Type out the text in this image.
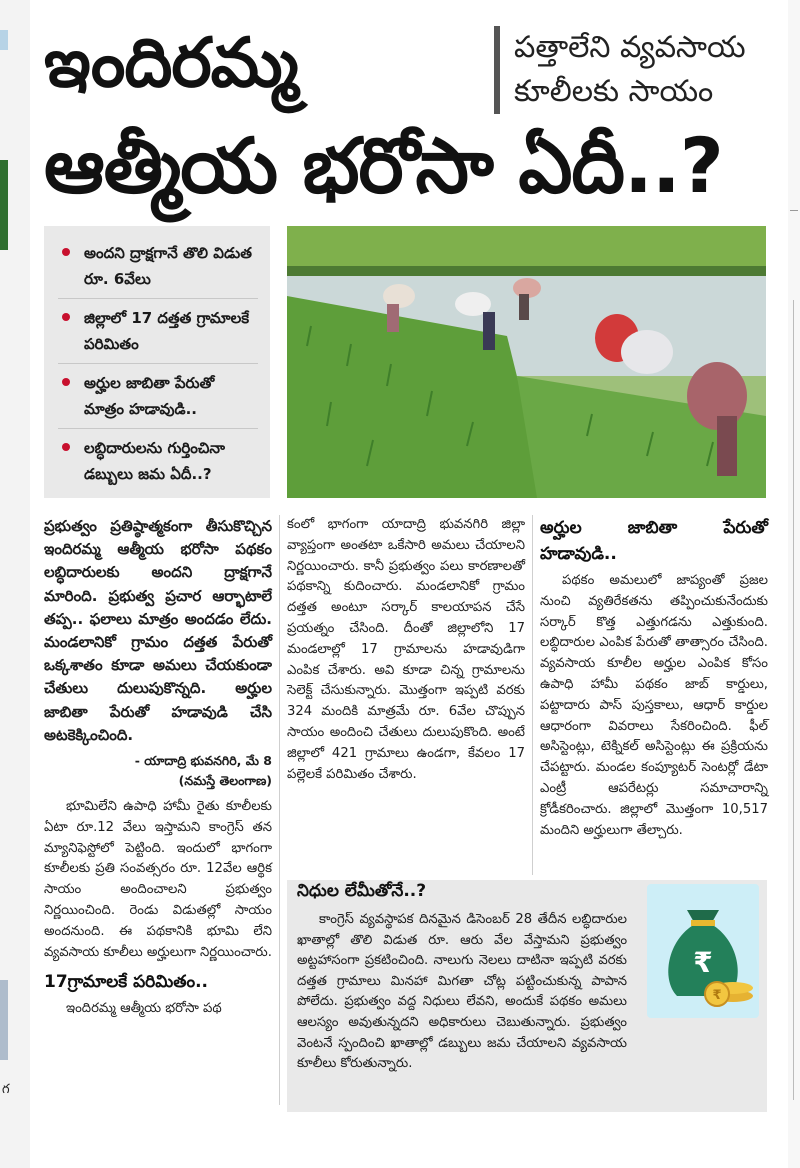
గ
ఇందిరమ్మ	పత్తాలేని వ్యవసాయ
కూలీలకు సాయం
ఆత్మీయ భరోసా ఏదీ..?
అందని ద్రాక్షగానే తొలి విడుత రూ. 6వేలు
జిల్లాలో 17 దత్తత గ్రామాలకే పరిమితం
అర్హుల జాబితా పేరుతో మాత్రం హడావుడి..
లబ్ధిదారులను గుర్తించినా డబ్బులు జమ ఏదీ..?

ప్రభుత్వం ప్రతిష్ఠాత్మకంగా తీసుకొచ్చిన ఇందిరమ్మ ఆత్మీయ భరోసా పథకం లబ్ధిదారులకు అందని ద్రాక్షగానే మారింది. ప్రభుత్వ ప్రచార ఆర్భాటాలే తప్ప.. ఫలాలు మాత్రం అందడం లేదు. మండలానికో గ్రామం దత్తత పేరుతో ఒక్కశాతం కూడా అమలు చేయకుండా చేతులు దులుపుకొన్నది. అర్హుల జాబితా పేరుతో హడావుడి చేసి అటకెక్కించింది.

- యాదాద్రి భువనగిరి, మే 8
(నమస్తే తెలంగాణ)

భూమిలేని ఉపాధి హామీ రైతు కూలీలకు ఏటా రూ.12 వేలు ఇస్తామని కాంగ్రెస్ తన మ్యానిఫెస్టోలో పెట్టింది. ఇందులో భాగంగా కూలీలకు ప్రతి సంవత్సరం రూ. 12వేల ఆర్థిక సాయం అందించాలని ప్రభుత్వం నిర్ణయించింది. రెండు విడుతల్లో సాయం అందనుంది. ఈ పథకానికి భూమి లేని వ్యవసాయ కూలీలు అర్హులుగా నిర్ణయించారు.

17గ్రామాలకే పరిమితం..

ఇందిరమ్మ ఆత్మీయ భరోసా పథ

కంలో భాగంగా యాదాద్రి భువనగిరి జిల్లా వ్యాప్తంగా అంతటా ఒకేసారి అమలు చేయాలని నిర్ణయించారు. కానీ ప్రభుత్వం పలు కారణాలతో పథకాన్ని కుదించారు. మండలానికో గ్రామం దత్తత అంటూ సర్కార్ కాలయాపన చేసే ప్రయత్నం చేసింది. దీంతో జిల్లాలోని 17 మండలాల్లో 17 గ్రామాలను హడావుడిగా ఎంపిక చేశారు. అవి కూడా చిన్న గ్రామాలను సెలెక్ట్ చేసుకున్నారు. మొత్తంగా ఇప్పటి వరకు 324 మందికి మాత్రమే రూ. 6వేల చొప్పున సాయం అందించి చేతులు దులుపుకొంది. అంటే జిల్లాలో 421 గ్రామాలు ఉండగా, కేవలం 17 పల్లెలకే పరిమితం చేశారు.

అర్హుల జాబితా పేరుతో హడావుడి..

పథకం అమలులో జాప్యంతో ప్రజల నుంచి వ్యతిరేకతను తప్పించుకునేందుకు సర్కార్ కొత్త ఎత్తుగడను ఎత్తుకుంది. లబ్ధిదారుల ఎంపిక పేరుతో తాత్సారం చేసింది. వ్యవసాయ కూలీల అర్హుల ఎంపిక కోసం ఉపాధి హామీ పథకం జాబ్ కార్డులు, పట్టాదారు పాస్ పుస్తకాలు, ఆధార్ కార్డుల ఆధారంగా వివరాలు సేకరించింది. ఫీల్ అసిస్టెంట్లు, టెక్నికల్ అసిస్టెంట్లు ఈ ప్రక్రియను చేపట్టారు. మండల కంప్యూటర్ సెంటర్లో డేటా ఎంట్రీ ఆపరేటర్లు సమాచారాన్ని క్రోడీకరించారు. జిల్లాలో మొత్తంగా 10,517 మందిని అర్హులుగా తేల్చారు.

నిధుల లేమీతోనే..?
కాంగ్రెస్ వ్యవస్థాపక దినమైన డిసెంబర్ 28 తేదీన లబ్ధిదారుల ఖాతాల్లో తొలి విడుత రూ. ఆరు వేల వేస్తామని ప్రభుత్వం అట్టహాసంగా ప్రకటించింది. నాలుగు నెలలు దాటినా ఇప్పటి వరకు దత్తత గ్రామాలు మినహా మిగతా చోట్ల పట్టించుకున్న పాపాన పోలేదు. ప్రభుత్వం వద్ద నిధులు లేవని, అందుకే పథకం అమలు ఆలస్యం అవుతున్నదని అధికారులు చెబుతున్నారు. ప్రభుత్వం వెంటనే స్పందించి ఖాతాల్లో డబ్బులు జమ చేయాలని వ్యవసాయ కూలీలు కోరుతున్నారు.
₹
₹
